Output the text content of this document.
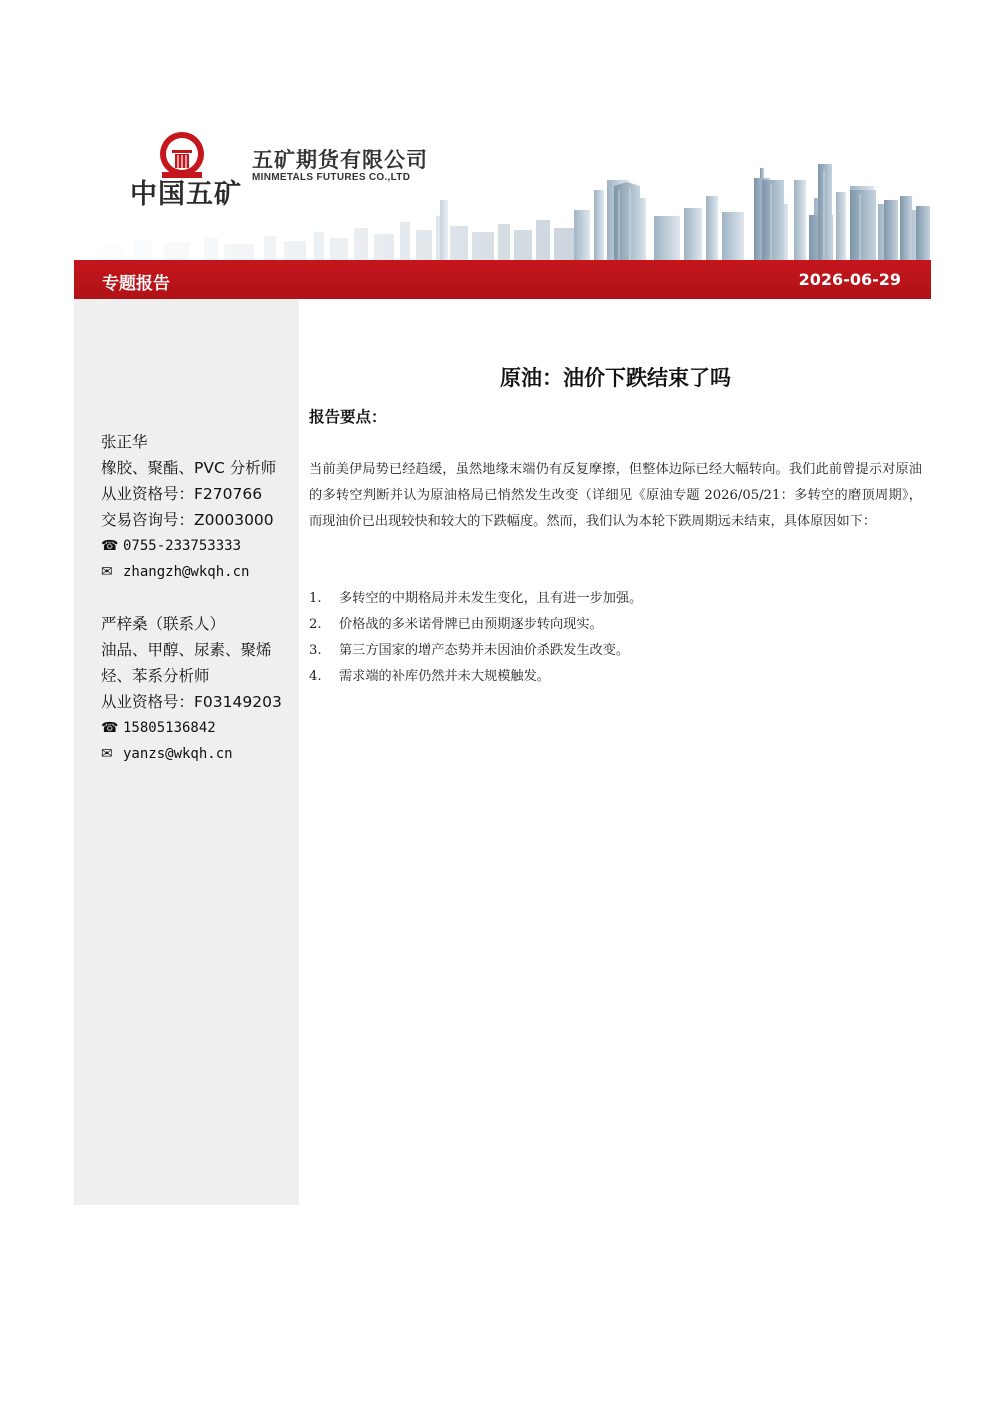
中国五矿
五矿期货有限公司
MINMETALS FUTURES CO.,LTD
专题报告	2026-06-29
张正华
橡胶、聚酯、PVC 分析师
从业资格号：F270766
交易咨询号：Z0003000
☎ 0755-233753333
✉ zhangzh@wkqh.cn
严梓桑（联系人）
油品、甲醇、尿素、聚烯
烃、苯系分析师
从业资格号：F03149203
☎ 15805136842
✉ yanzs@wkqh.cn
原油：油价下跌结束了吗
报告要点：

当前美伊局势已经趋缓，虽然地缘末端仍有反复摩擦，但整体边际已经大幅转向。我们此前曾提示对原油的多转空判断并认为原油格局已悄然发生改变（详细见《原油专题 2026/05/21：多转空的磨顶周期》，而现油价已出现较快和较大的下跌幅度。然而，我们认为本轮下跌周期远未结束，具体原因如下：

1.	多转空的中期格局并未发生变化，且有进一步加强。
2.	价格战的多米诺骨牌已由预期逐步转向现实。
3.	第三方国家的增产态势并未因油价杀跌发生改变。
4.	需求端的补库仍然并未大规模触发。
